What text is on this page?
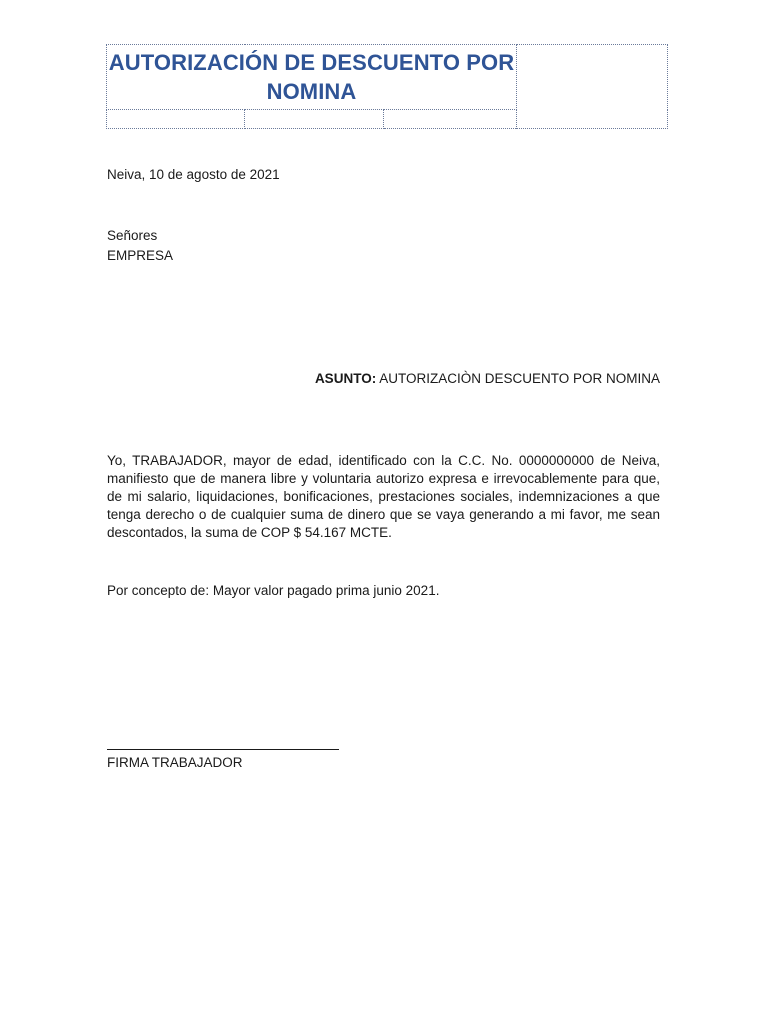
AUTORIZACIÓN DE DESCUENTO POR
NOMINA			

Neiva, 10 de agosto de 2021
Señores
EMPRESA
ASUNTO: AUTORIZACIÒN DESCUENTO POR NOMINA
Yo, TRABAJADOR, mayor de edad, identificado con la C.C. No. 0000000000 de Neiva, manifiesto que de manera libre y voluntaria autorizo expresa e irrevocablemente para que, de mi salario, liquidaciones, bonificaciones, prestaciones sociales, indemnizaciones a que tenga derecho o de cualquier suma de dinero que se vaya generando a mi favor, me sean descontados, la suma de COP $ 54.167 MCTE.
Por concepto de: Mayor valor pagado prima junio 2021.
FIRMA TRABAJADOR
